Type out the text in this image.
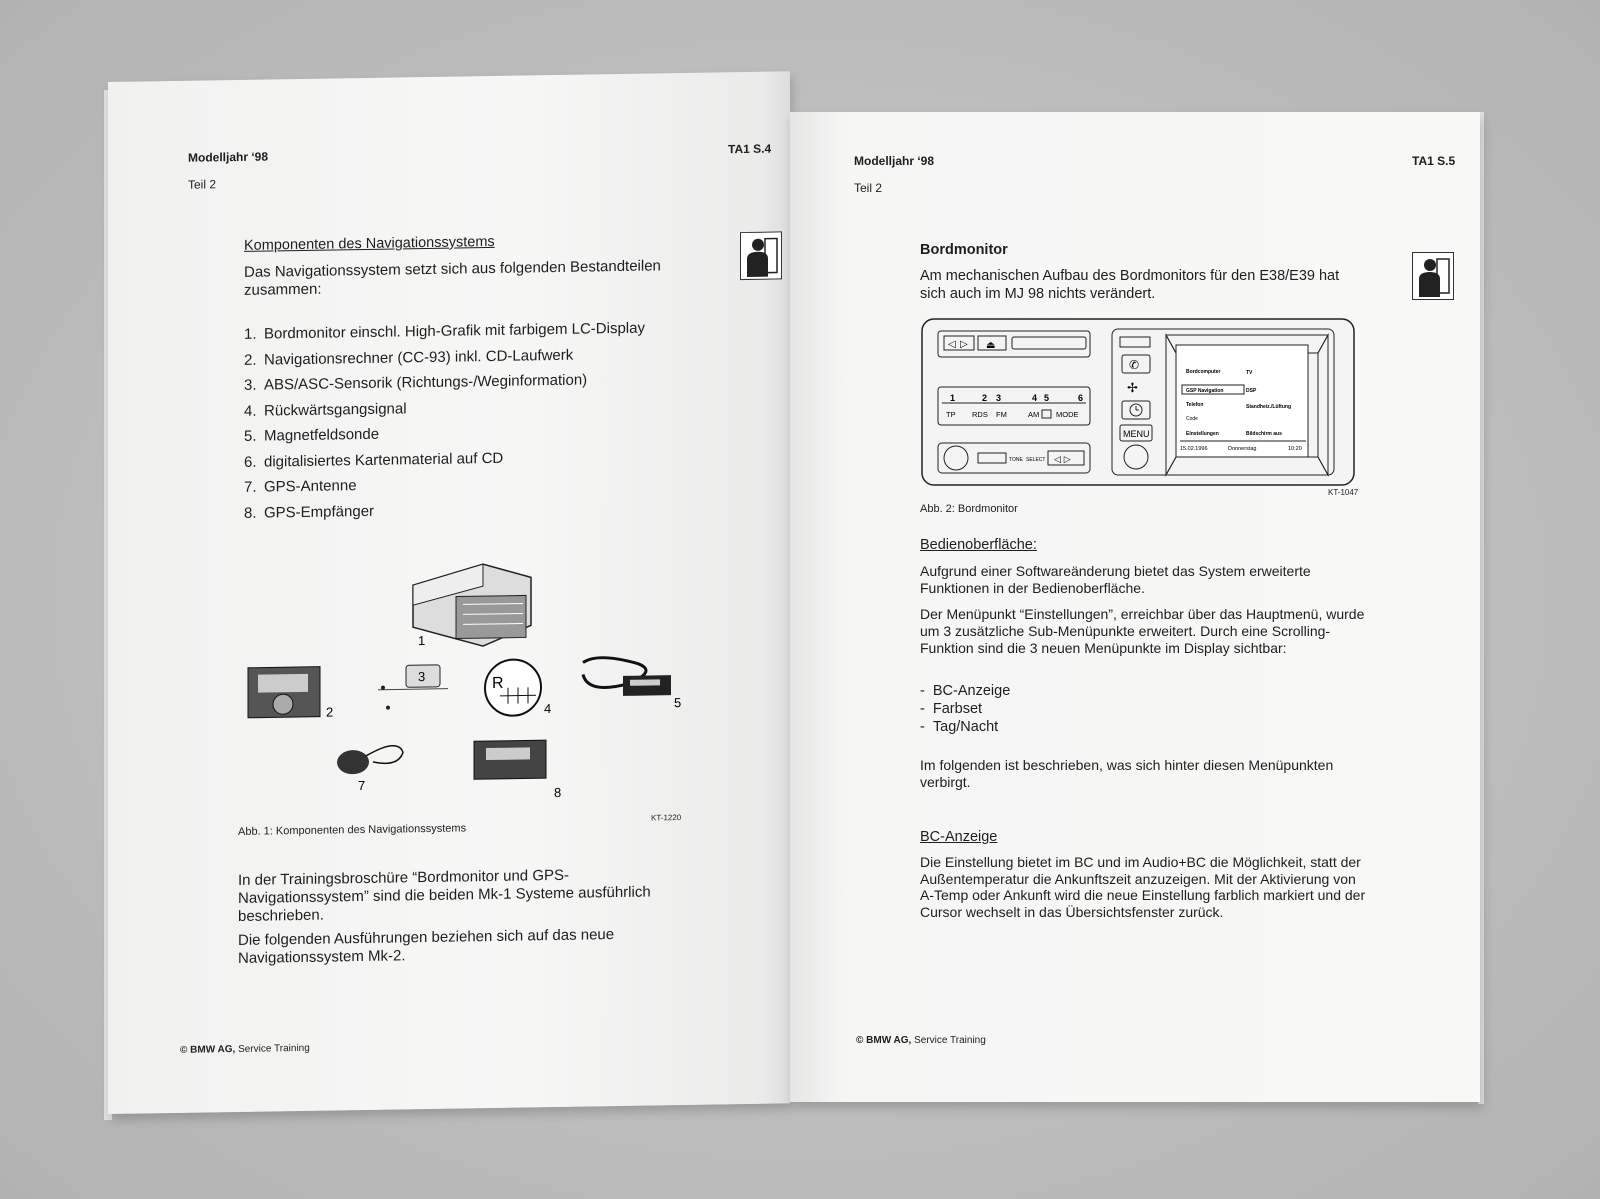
Modelljahr ‘98
Teil 2
TA1 S.4
Komponenten des Navigationssystems
Das Navigationssystem setzt sich aus folgenden Bestandteilen zusammen:
1. Bordmonitor einschl. High-Grafik mit farbigem LC-Display
2. Navigationsrechner (CC-93) inkl. CD-Laufwerk
3. ABS/ASC-Sensorik (Richtungs-/Weginformation)
4. Rückwärtsgangsignal
5. Magnetfeldsonde
6. digitalisiertes Kartenmaterial auf CD
7. GPS-Antenne
8. GPS-Empfänger
1
2
3	R
4	5
7	8
KT-1220
Abb. 1: Komponenten des Navigationssystems
In der Trainingsbroschüre “Bordmonitor und GPS-Navigationssystem” sind die beiden Mk-1 Systeme ausführlich beschrieben.
Die folgenden Ausführungen beziehen sich auf das neue Navigationssystem Mk-2.
© BMW AG, Service Training
Modelljahr ‘98
Teil 2
TA1 S.5
Bordmonitor
Am mechanischen Aufbau des Bordmonitors für den E38/E39 hat sich auch im MJ 98 nichts verändert.
◁ ▷ ⏏
1	2 3	4 5	6
TP RDS FM	AM MODE
TONE SELECT ◁ ▷
✆
✢
MENU
Bordcomputer
GSP Navigation
Telefon
Code
Einstellungen
TV
DSP
Standheiz./Lüftung
Bildschirm aus
15.02.1996	Donnerstag	10:20
KT-1047
Abb. 2: Bordmonitor
Bedienoberfläche:
Aufgrund einer Softwareänderung bietet das System erweiterte Funktionen in der Bedienoberfläche.
Der Menüpunkt “Einstellungen”, erreichbar über das Hauptmenü, wurde um 3 zusätzliche Sub-Menüpunkte erweitert. Durch eine Scrolling-Funktion sind die 3 neuen Menüpunkte im Display sichtbar:
-  BC-Anzeige
-  Farbset
-  Tag/Nacht
Im folgenden ist beschrieben, was sich hinter diesen Menüpunkten verbirgt.
BC-Anzeige
Die Einstellung bietet im BC und im Audio+BC die Möglichkeit, statt der Außentemperatur die Ankunftszeit anzuzeigen. Mit der Aktivierung von A-Temp oder Ankunft wird die neue Einstellung farblich markiert und der Cursor wechselt in das Übersichtsfenster zurück.
© BMW AG, Service Training
